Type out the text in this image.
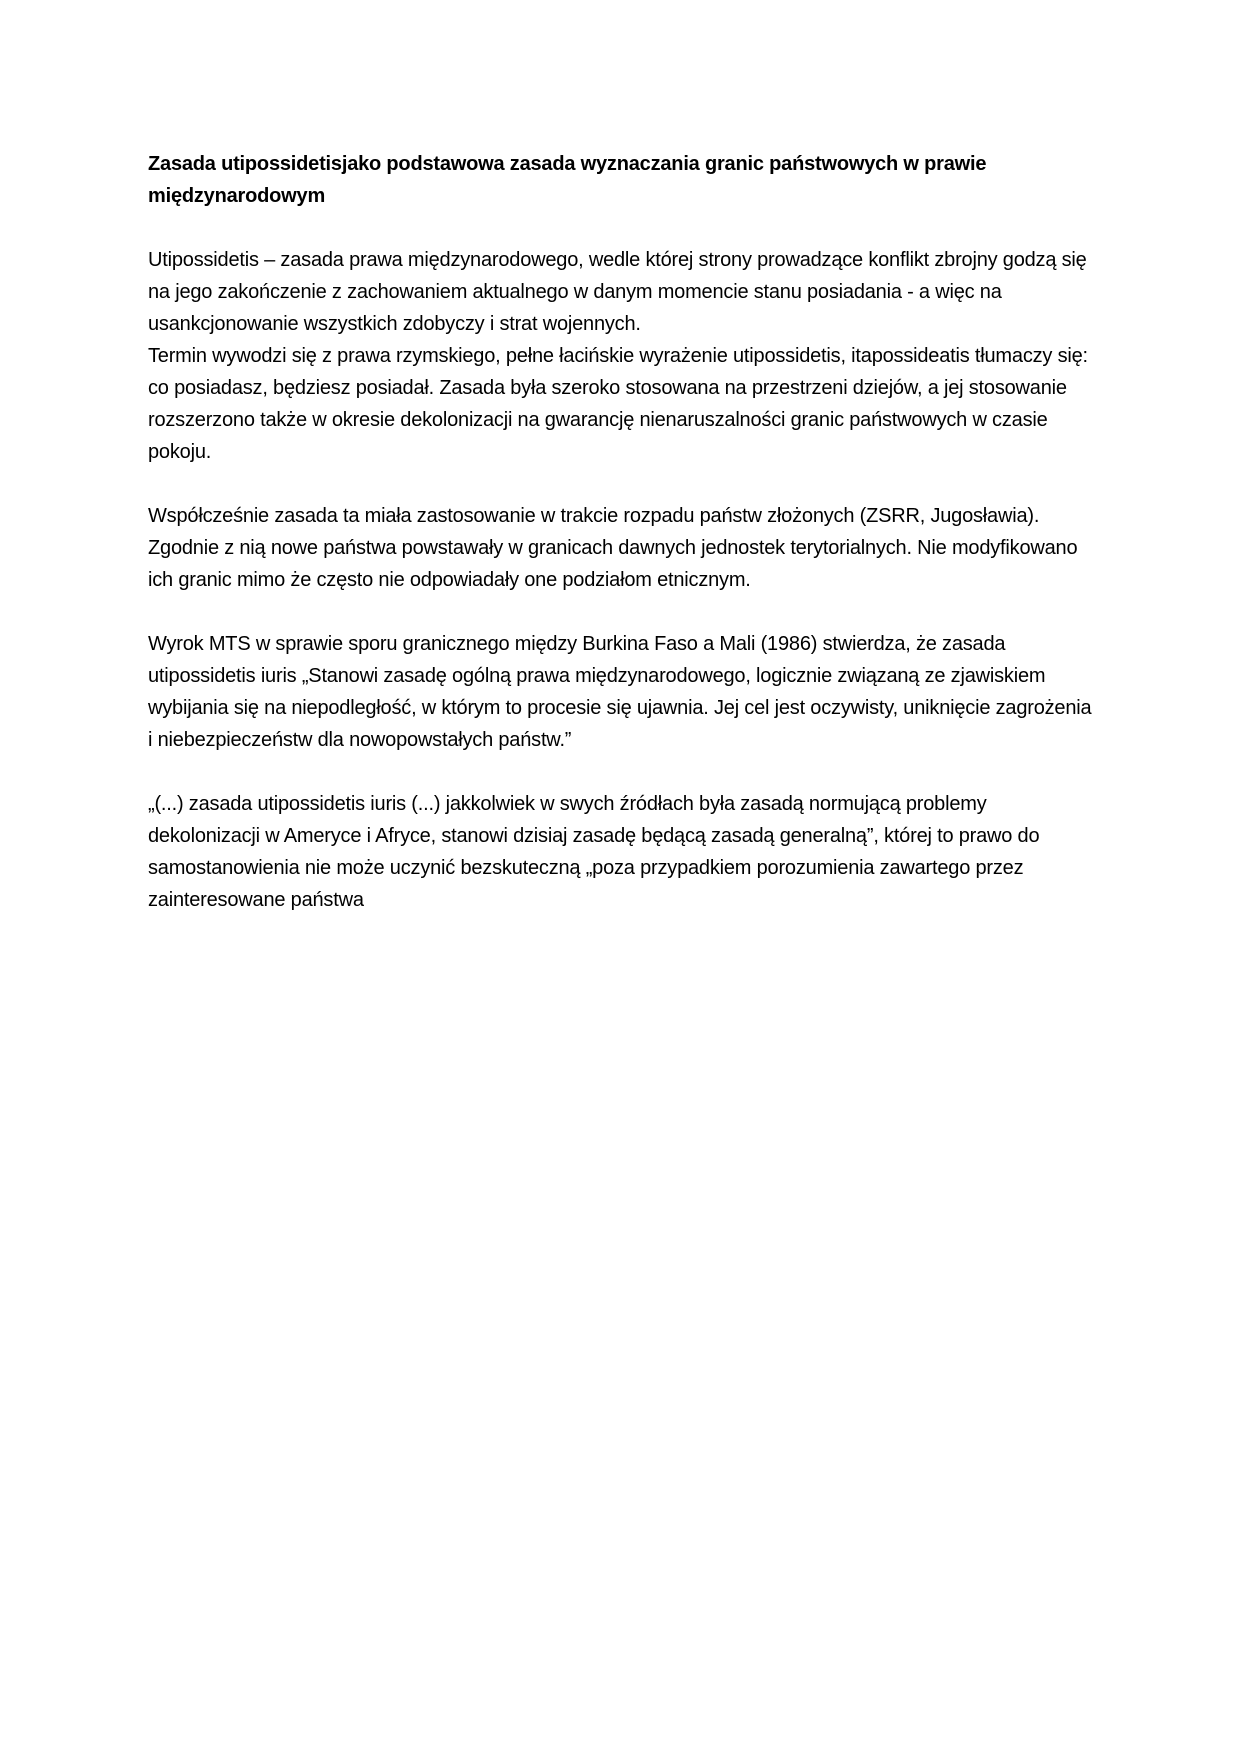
Zasada utipossidetisjako podstawowa zasada wyznaczania granic państwowych w prawie międzynarodowym

Utipossidetis – zasada prawa międzynarodowego, wedle której strony prowadzące konflikt zbrojny godzą się na jego zakończenie z zachowaniem aktualnego w danym momencie stanu posiadania - a więc na usankcjonowanie wszystkich zdobyczy i strat wojennych.

Termin wywodzi się z prawa rzymskiego, pełne łacińskie wyrażenie utipossidetis, itapossideatis tłumaczy się: co posiadasz, będziesz posiadał. Zasada była szeroko stosowana na przestrzeni dziejów, a jej stosowanie rozszerzono także w okresie dekolonizacji na gwarancję nienaruszalności granic państwowych w czasie pokoju.

Współcześnie zasada ta miała zastosowanie w trakcie rozpadu państw złożonych (ZSRR, Jugosławia). Zgodnie z nią nowe państwa powstawały w granicach dawnych jednostek terytorialnych. Nie modyfikowano ich granic mimo że często nie odpowiadały one podziałom etnicznym.

Wyrok MTS w sprawie sporu granicznego między Burkina Faso a Mali (1986) stwierdza, że zasada utipossidetis iuris „Stanowi zasadę ogólną prawa międzynarodowego, logicznie związaną ze zjawiskiem wybijania się na niepodległość, w którym to procesie się ujawnia. Jej cel jest oczywisty, uniknięcie zagrożenia i niebezpieczeństw dla nowopowstałych państw.”

„(...) zasada utipossidetis iuris (...) jakkolwiek w swych źródłach była zasadą normującą problemy dekolonizacji w Ameryce i Afryce, stanowi dzisiaj zasadę będącą zasadą generalną”, której to prawo do samostanowienia nie może uczynić bezskuteczną „poza przypadkiem porozumienia zawartego przez zainteresowane państwa
